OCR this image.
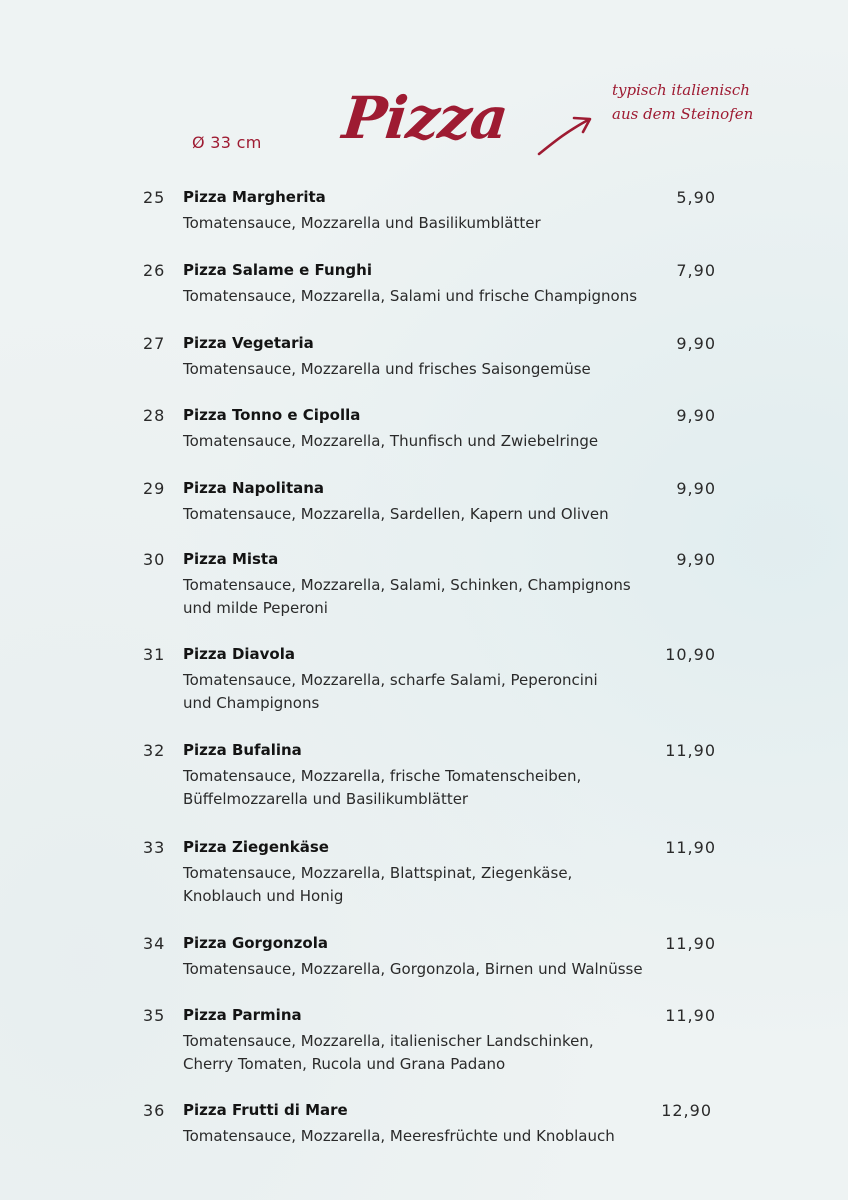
Ø 33 cm Pizza	typisch italienisch
aus dem Steinofen
25 Pizza Margherita	5,90
Tomatensauce, Mozzarella und Basilikumblätter
26 Pizza Salame e Funghi	7,90
Tomatensauce, Mozzarella, Salami und frische Champignons
27 Pizza Vegetaria	9,90
Tomatensauce, Mozzarella und frisches Saisongemüse
28 Pizza Tonno e Cipolla	9,90
Tomatensauce, Mozzarella, Thunfisch und Zwiebelringe
29 Pizza Napolitana	9,90
Tomatensauce, Mozzarella, Sardellen, Kapern und Oliven
30 Pizza Mista	9,90
Tomatensauce, Mozzarella, Salami, Schinken, Champignons
und milde Peperoni
31 Pizza Diavola	10,90
Tomatensauce, Mozzarella, scharfe Salami, Peperoncini
und Champignons
32 Pizza Bufalina	11,90
Tomatensauce, Mozzarella, frische Tomatenscheiben,
Büffelmozzarella und Basilikumblätter
33 Pizza Ziegenkäse	11,90
Tomatensauce, Mozzarella, Blattspinat, Ziegenkäse,
Knoblauch und Honig
34 Pizza Gorgonzola	11,90
Tomatensauce, Mozzarella, Gorgonzola, Birnen und Walnüsse
35 Pizza Parmina	11,90
Tomatensauce, Mozzarella, italienischer Landschinken,
Cherry Tomaten, Rucola und Grana Padano
36 Pizza Frutti di Mare	12,90
Tomatensauce, Mozzarella, Meeresfrüchte und Knoblauch
